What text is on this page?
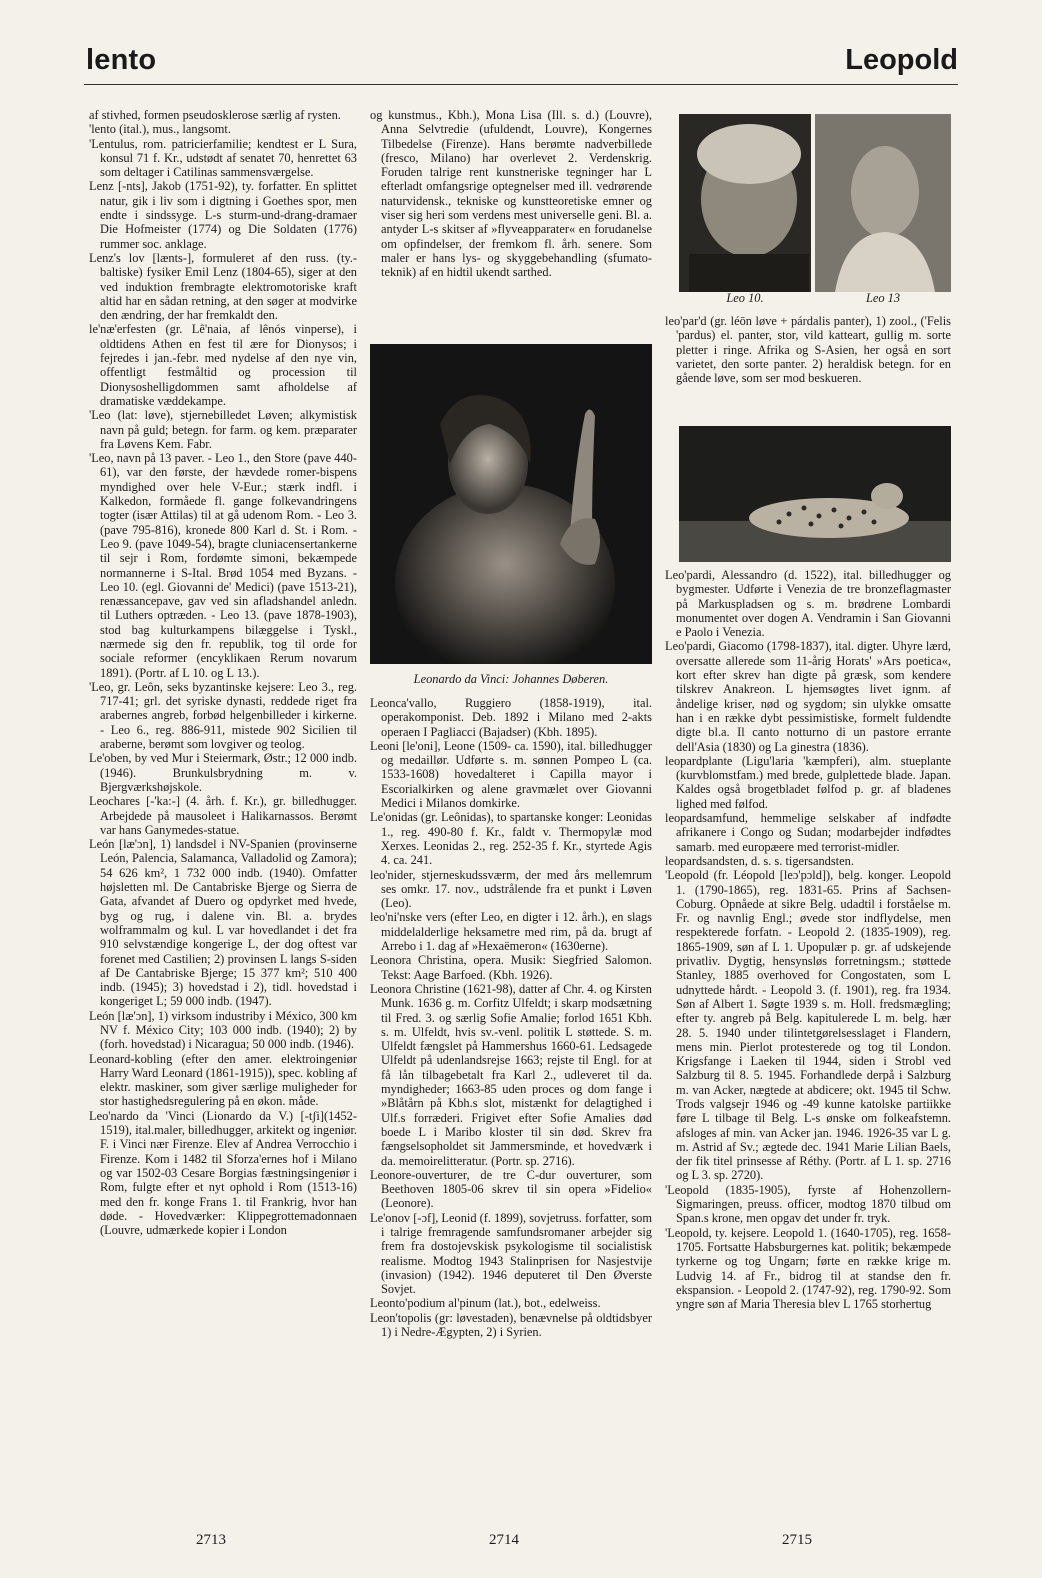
lento	Leopold

af stivhed, formen pseudosklerose særlig af rysten.

'lento (ital.), mus., langsomt.

'Lentulus, rom. patricierfamilie; kendtest er L Sura, konsul 71 f. Kr., udstødt af senatet 70, henrettet 63 som deltager i Catilinas sammensværgelse.

Lenz [-nts], Jakob (1751-92), ty. forfatter. En splittet natur, gik i liv som i digtning i Goethes spor, men endte i sindssyge. L-s sturm-und-drang-dramaer Die Hofmeister (1774) og Die Soldaten (1776) rummer soc. anklage.

Lenz's lov [lænts-], formuleret af den russ. (ty.-baltiske) fysiker Emil Lenz (1804-65), siger at den ved induktion frembragte elektromotoriske kraft altid har en sådan retning, at den søger at modvirke den ændring, der har fremkaldt den.

le'næ'erfesten (gr. Lê'naia, af lênós vinperse), i oldtidens Athen en fest til ære for Dionysos; i fejredes i jan.-febr. med nydelse af den nye vin, offentligt festmåltid og procession til Dionysoshelligdommen samt afholdelse af dramatiske væddekampe.

'Leo (lat: løve), stjernebilledet Løven; alkymistisk navn på guld; betegn. for farm. og kem. præparater fra Løvens Kem. Fabr.

'Leo, navn på 13 paver. - Leo 1., den Store (pave 440-61), var den første, der hævdede romer-bispens myndighed over hele V-Eur.; stærk indfl. i Kalkedon, formåede fl. gange folkevandringens togter (især Attilas) til at gå udenom Rom. - Leo 3. (pave 795-816), kronede 800 Karl d. St. i Rom. - Leo 9. (pave 1049-54), bragte cluniacensertankerne til sejr i Rom, fordømte simoni, bekæmpede normannerne i S-Ital. Brød 1054 med Byzans. - Leo 10. (egl. Giovanni de' Medici) (pave 1513-21), renæssancepave, gav ved sin afladshandel anledn. til Luthers optræden. - Leo 13. (pave 1878-1903), stod bag kulturkampens bilæggelse i Tyskl., nærmede sig den fr. republik, tog til orde for sociale reformer (encyklikaen Rerum novarum 1891). (Portr. af L 10. og L 13.).

'Leo, gr. Leôn, seks byzantinske kejsere: Leo 3., reg. 717-41; grl. det syriske dynasti, reddede riget fra arabernes angreb, forbød helgenbilleder i kirkerne. - Leo 6., reg. 886-911, mistede 902 Sicilien til araberne, berømt som lovgiver og teolog.

Le'oben, by ved Mur i Steiermark, Østr.; 12 000 indb. (1946). Brunkulsbrydning m. v. Bjergværkshøjskole.

Leochares [-'ka:-] (4. årh. f. Kr.), gr. billedhugger. Arbejdede på mausoleet i Halikarnassos. Berømt var hans Ganymedes-statue.

León [læ'ɔn], 1) landsdel i NV-Spanien (provinserne León, Palencia, Salamanca, Valladolid og Zamora); 54 626 km², 1 732 000 indb. (1940). Omfatter højsletten ml. De Cantabriske Bjerge og Sierra de Gata, afvandet af Duero og opdyrket med hvede, byg og rug, i dalene vin. Bl. a. brydes wolframmalm og kul. L var hovedlandet i det fra 910 selvstændige kongerige L, der dog oftest var forenet med Castilien; 2) provinsen L langs S-siden af De Cantabriske Bjerge; 15 377 km²; 510 400 indb. (1945); 3) hovedstad i 2), tidl. hovedstad i kongeriget L; 59 000 indb. (1947).

León [læ'ɔn], 1) virksom industriby i México, 300 km NV f. México City; 103 000 indb. (1940); 2) by (forh. hovedstad) i Nicaragua; 50 000 indb. (1946).

Leonard-kobling (efter den amer. elektroingeniør Harry Ward Leonard (1861-1915)), spec. kobling af elektr. maskiner, som giver særlige muligheder for stor hastighedsregulering på en økon. måde.

Leo'nardo da 'Vinci (Lionardo da V.) [-tʃi](1452-1519), ital.maler, billedhugger, arkitekt og ingeniør. F. i Vinci nær Firenze. Elev af Andrea Verrocchio i Firenze. Kom i 1482 til Sforza'ernes hof i Milano og var 1502-03 Cesare Borgias fæstningsingeniør i Rom, fulgte efter et nyt ophold i Rom (1513-16) med den fr. konge Frans 1. til Frankrig, hvor han døde. - Hovedværker: Klippegrottemadonnaen (Louvre, udmærkede kopier i London

og kunstmus., Kbh.), Mona Lisa (Ill. s. d.) (Louvre), Anna Selvtredie (ufuldendt, Louvre), Kongernes Tilbedelse (Firenze). Hans berømte nadverbillede (fresco, Milano) har overlevet 2. Verdenskrig. Foruden talrige rent kunstneriske tegninger har L efterladt omfangsrige optegnelser med ill. vedrørende naturvidensk., tekniske og kunstteoretiske emner og viser sig heri som verdens mest universelle geni. Bl. a. antyder L-s skitser af »flyveapparater« en forudanelse om opfindelser, der fremkom fl. årh. senere. Som maler er hans lys- og skyggebehandling (sfumato-teknik) af en hidtil ukendt sarthed.

Leonardo da Vinci: Johannes Døberen.

Leonca'vallo, Ruggiero (1858-1919), ital. operakomponist. Deb. 1892 i Milano med 2-akts operaen I Pagliacci (Bajadser) (Kbh. 1895).

Leoni [le'oni], Leone (1509- ca. 1590), ital. billedhugger og medaillør. Udførte s. m. sønnen Pompeo L (ca. 1533-1608) hovedalteret i Capilla mayor i Escorialkirken og alene gravmælet over Giovanni Medici i Milanos domkirke.

Le'onidas (gr. Leônidas), to spartanske konger: Leonidas 1., reg. 490-80 f. Kr., faldt v. Thermopylæ mod Xerxes. Leonidas 2., reg. 252-35 f. Kr., styrtede Agis 4. ca. 241.

leo'nider, stjerneskudssværm, der med års mellemrum ses omkr. 17. nov., udstrålende fra et punkt i Løven (Leo).

leo'ni'nske vers (efter Leo, en digter i 12. årh.), en slags middelalderlige heksametre med rim, på da. brugt af Arrebo i 1. dag af »Hexaëmeron« (1630erne).

Leonora Christina, opera. Musik: Siegfried Salomon. Tekst: Aage Barfoed. (Kbh. 1926).

Leonora Christine (1621-98), datter af Chr. 4. og Kirsten Munk. 1636 g. m. Corfitz Ulfeldt; i skarp modsætning til Fred. 3. og særlig Sofie Amalie; forlod 1651 Kbh. s. m. Ulfeldt, hvis sv.-venl. politik L støttede. S. m. Ulfeldt fængslet på Hammershus 1660-61. Ledsagede Ulfeldt på udenlandsrejse 1663; rejste til Engl. for at få lån tilbagebetalt fra Karl 2., udleveret til da. myndigheder; 1663-85 uden proces og dom fange i »Blåtårn på Kbh.s slot, mistænkt for delagtighed i Ulf.s forræderi. Frigivet efter Sofie Amalies død boede L i Maribo kloster til sin død. Skrev fra fængselsopholdet sit Jammersminde, et hovedværk i da. memoirelitteratur. (Portr. sp. 2716).

Leonore-ouverturer, de tre C-dur ouverturer, som Beethoven 1805-06 skrev til sin opera »Fidelio« (Leonore).

Le'onov [-ɔf], Leonid (f. 1899), sovjetruss. forfatter, som i talrige fremragende samfundsromaner arbejder sig frem fra dostojevskisk psykologisme til socialistisk realisme. Modtog 1943 Stalinprisen for Nasjestvije (invasion) (1942). 1946 deputeret til Den Øverste Sovjet.

Leonto'podium al'pinum (lat.), bot., edelweiss.

Leon'topolis (gr: løvestaden), benævnelse på oldtidsbyer 1) i Nedre-Ægypten, 2) i Syrien.

Leo 10.	Leo 13

leo'par'd (gr. léōn løve + párdalis panter), 1) zool., ('Felis 'pardus) el. panter, stor, vild katteart, gullig m. sorte pletter i ringe. Afrika og S-Asien, her også en sort varietet, den sorte panter. 2) heraldisk betegn. for en gående løve, som ser mod beskueren.

Leo'pardi, Alessandro (d. 1522), ital. billedhugger og bygmester. Udførte i Venezia de tre bronzeflagmaster på Markuspladsen og s. m. brødrene Lombardi monumentet over dogen A. Vendramin i San Giovanni e Paolo i Venezia.

Leo'pardi, Giacomo (1798-1837), ital. digter. Uhyre lærd, oversatte allerede som 11-årig Horats' »Ars poetica«, kort efter skrev han digte på græsk, som kendere tilskrev Anakreon. L hjemsøgtes livet ignm. af åndelige kriser, nød og sygdom; sin ulykke omsatte han i en række dybt pessimistiske, formelt fuldendte digte bl.a. Il canto notturno di un pastore errante dell'Asia (1830) og La ginestra (1836).

leopardplante (Ligu'laria 'kæmpferi), alm. stueplante (kurvblomstfam.) med brede, gulplettede blade. Japan. Kaldes også brogetbladet følfod p. gr. af bladenes lighed med følfod.

leopardsamfund, hemmelige selskaber af indfødte afrikanere i Congo og Sudan; modarbejder indfødtes samarb. med europæere med terrorist-midler.

leopardsandsten, d. s. s. tigersandsten.

'Leopold (fr. Léopold [leɔ'pɔld]), belg. konger. Leopold 1. (1790-1865), reg. 1831-65. Prins af Sachsen-Coburg. Opnåede at sikre Belg. udadtil i forståelse m. Fr. og navnlig Engl.; øvede stor indflydelse, men respekterede forfatn. - Leopold 2. (1835-1909), reg. 1865-1909, søn af L 1. Upopulær p. gr. af udskejende privatliv. Dygtig, hensynsløs forretningsm.; støttede Stanley, 1885 overhoved for Congostaten, som L udnyttede hårdt. - Leopold 3. (f. 1901), reg. fra 1934. Søn af Albert 1. Søgte 1939 s. m. Holl. fredsmægling; efter ty. angreb på Belg. kapitulerede L m. belg. hær 28. 5. 1940 under tilintetgørelsesslaget i Flandern, mens min. Pierlot protesterede og tog til London. Krigsfange i Laeken til 1944, siden i Strobl ved Salzburg til 8. 5. 1945. Forhandlede derpå i Salzburg m. van Acker, nægtede at abdicere; okt. 1945 til Schw. Trods valgsejr 1946 og -49 kunne katolske partiikke føre L tilbage til Belg. L-s ønske om folkeafstemn. afsloges af min. van Acker jan. 1946. 1926-35 var L g. m. Astrid af Sv.; ægtede dec. 1941 Marie Lilian Baels, der fik titel prinsesse af Réthy. (Portr. af L 1. sp. 2716 og L 3. sp. 2720).

'Leopold (1835-1905), fyrste af Hohenzollern-Sigmaringen, preuss. officer, modtog 1870 tilbud om Span.s krone, men opgav det under fr. tryk.

'Leopold, ty. kejsere. Leopold 1. (1640-1705), reg. 1658-1705. Fortsatte Habsburgernes kat. politik; bekæmpede tyrkerne og tog Ungarn; førte en række krige m. Ludvig 14. af Fr., bidrog til at standse den fr. ekspansion. - Leopold 2. (1747-92), reg. 1790-92. Som yngre søn af Maria Theresia blev L 1765 storhertug

2713	2714	2715
